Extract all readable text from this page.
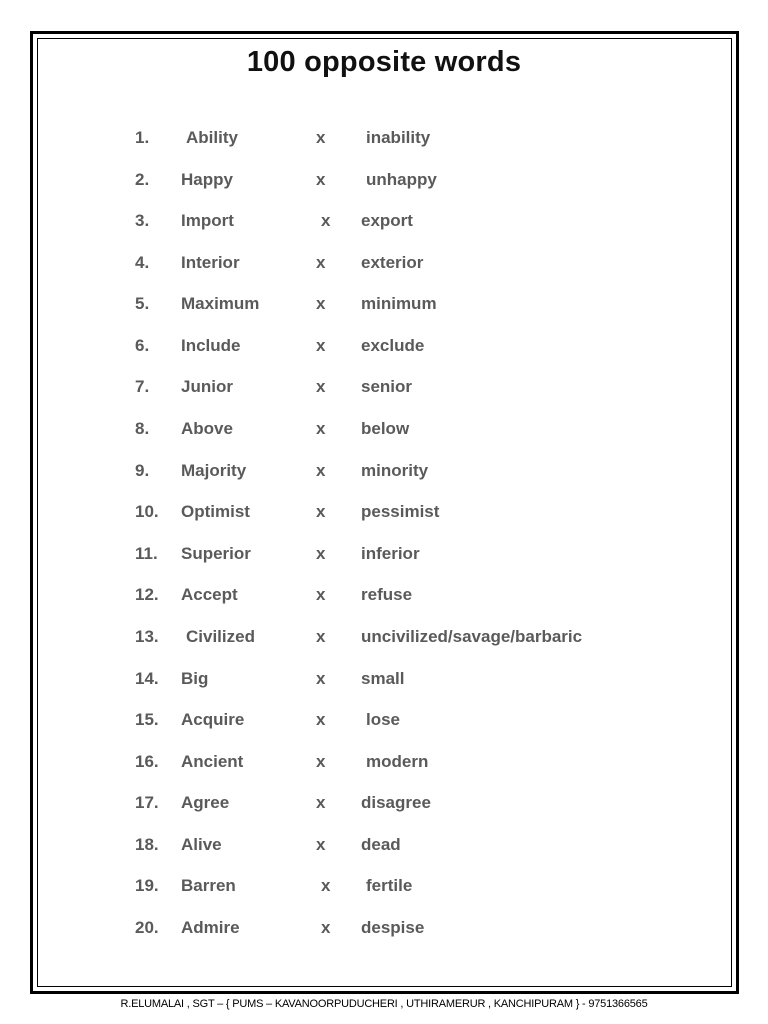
100 opposite words
1. Ability	x inability
2. Happy	x unhappy
3. Import	x export
4. Interior	x exterior
5. Maximum	x minimum
6. Include	x exclude
7. Junior	x senior
8. Above	x below
9. Majority	x minority
10. Optimist	x pessimist
11. Superior	x inferior
12. Accept	x refuse
13. Civilized	x uncivilized/savage/barbaric
14. Big	x small
15. Acquire	x lose
16. Ancient	x modern
17. Agree	x disagree
18. Alive	x dead
19. Barren	x fertile
20. Admire	x despise
R.ELUMALAI , SGT – { PUMS – KAVANOORPUDUCHERI , UTHIRAMERUR , KANCHIPURAM } - 9751366565
